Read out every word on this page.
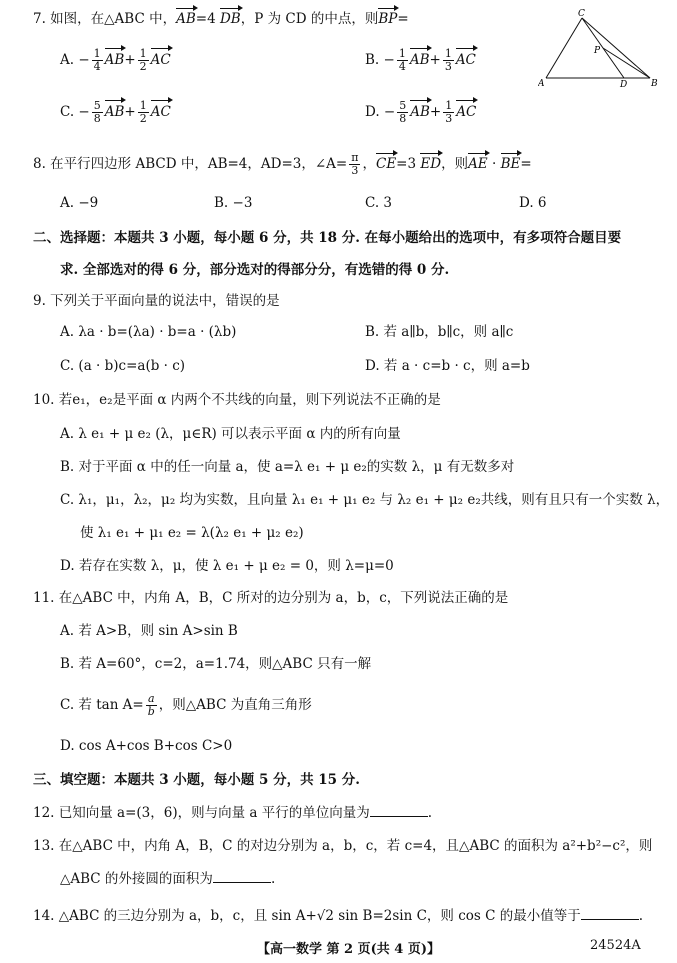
7. 如图，在△ABC 中，AB=4 DB，P 为 CD 的中点，则BP=
A. − $\frac{1}{4} AB+ \frac{1}{2}$ AC	B. − $\frac{1}{4} AB+ \frac{1}{3}$ AC
C. − $\frac{5}{8} AB+ \frac{1}{2}$ AC	D. − $\frac{5}{8} AB+ \frac{1}{3}$ AC
C
P
A	D	B
8. 在平行四边形 ABCD 中，AB=4，AD=3，∠A= $\frac{\pi}{3}$ ，CE=3 ED，则AE · BE=
A. −9	B. −3	C. 3	D. 6
二、选择题：本题共 3 小题，每小题 6 分，共 18 分. 在每小题给出的选项中，有多项符合题目要
求. 全部选对的得 6 分，部分选对的得部分分，有选错的得 0 分.
9. 下列关于平面向量的说法中，错误的是
A. λa · b=(λa) · b=a · (λb)	B. 若 a∥b，b∥c，则 a∥c
C. (a · b)c=a(b · c)	D. 若 a · c=b · c，则 a=b
10. 若e₁，e₂是平面 α 内两个不共线的向量，则下列说法不正确的是
A. λ e₁ + μ e₂ (λ，μ∈R) 可以表示平面 α 内的所有向量
B. 对于平面 α 中的任一向量 a，使 a=λ e₁ + μ e₂的实数 λ，μ 有无数多对
C. λ₁，μ₁，λ₂，μ₂ 均为实数，且向量 λ₁ e₁ + μ₁ e₂ 与 λ₂ e₁ + μ₂ e₂共线，则有且只有一个实数 λ，
使 λ₁ e₁ + μ₁ e₂ = λ(λ₂ e₁ + μ₂ e₂)
D. 若存在实数 λ，μ，使 λ e₁ + μ e₂ = 0，则 λ=μ=0
11. 在△ABC 中，内角 A，B，C 所对的边分别为 a，b，c，下列说法正确的是
A. 若 A>B，则 sin A>sin B
B. 若 A=60°，c=2，a=1.74，则△ABC 只有一解
C. 若 $\tan A= \frac{a}{b}$ ，则△ABC 为直角三角形
D. cos A+cos B+cos C>0
三、填空题：本题共 3 小题，每小题 5 分，共 15 分.
12. 已知向量 a=(3，6)，则与向量 a 平行的单位向量为	.
13. 在△ABC 中，内角 A，B，C 的对边分别为 a，b，c，若 c=4，且△ABC 的面积为 a²+b²−c²，则
△ABC 的外接圆的面积为	.
14. △ABC 的三边分别为 a，b，c，且 sin A+√2 sin B=2sin C，则 cos C 的最小值等于	.
【高一数学 第 2 页(共 4 页)】	24524A
